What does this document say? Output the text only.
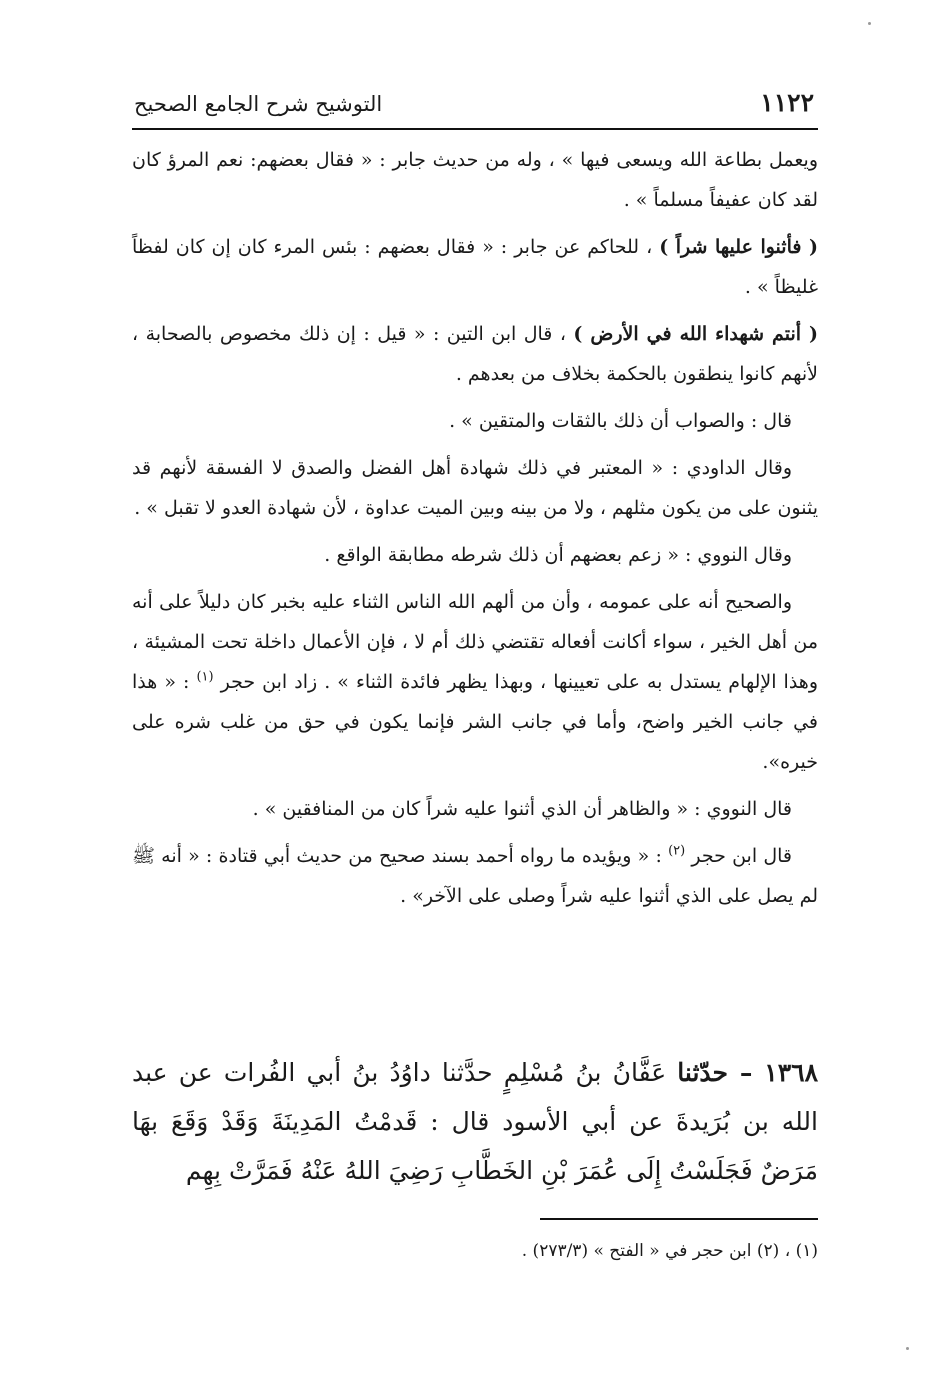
١١٢٢
التوشيح شرح الجامع الصحيح

ويعمل بطاعة الله ويسعى فيها » ، وله من حديث جابر : « فقال بعضهم: نعم المرؤ كان لقد كان عفيفاً مسلماً » .

( فأثنوا عليها شراً ) ، للحاكم عن جابر : « فقال بعضهم : بئس المرء كان إن كان لفظاً غليظاً » .

( أنتم شهداء الله في الأرض ) ، قال ابن التين : « قيل : إن ذلك مخصوص بالصحابة ، لأنهم كانوا ينطقون بالحكمة بخلاف من بعدهم .

قال : والصواب أن ذلك بالثقات والمتقين » .

وقال الداودي : « المعتبر في ذلك شهادة أهل الفضل والصدق لا الفسقة لأنهم قد يثنون على من يكون مثلهم ، ولا من بينه وبين الميت عداوة ، لأن شهادة العدو لا تقبل » .

وقال النووي : « زعم بعضهم أن ذلك شرطه مطابقة الواقع .

والصحيح أنه على عمومه ، وأن من ألهم الله الناس الثناء عليه بخبر كان دليلاً على أنه من أهل الخير ، سواء أكانت أفعاله تقتضي ذلك أم لا ، فإن الأعمال داخلة تحت المشيئة ، وهذا الإلهام يستدل به على تعيينها ، وبهذا يظهر فائدة الثناء » . زاد ابن حجر $^{(١)}$ : « هذا في جانب الخير واضح، وأما في جانب الشر فإنما يكون في حق من غلب شره على خيره».

قال النووي : « والظاهر أن الذي أثنوا عليه شراً كان من المنافقين » .

قال ابن حجر $^{(٢)}$ : « ويؤيده ما رواه أحمد بسند صحيح من حديث أبي قتادة : « أنه ﷺ لم يصل على الذي أثنوا عليه شراً وصلى على الآخر» .

١٣٦٨ – حدّثنا عَفَّانُ بنُ مُسْلِمٍ حدَّثنا داوُدُ بنُ أبي الفُرات عن عبد الله بن بُرَيدةَ عن أبي الأسود قال : قَدمْتُ المَدِينَةَ وَقَدْ وَقَعَ بهَا مَرَضٌ فَجَلَسْتُ إِلَى عُمَرَ بْنِ الخَطَّابِ رَضِيَ اللهُ عَنْهُ فَمَرَّتْ بِهِم
(١) ، (٢) ابن حجر في « الفتح » (٢٧٣/٣) .
